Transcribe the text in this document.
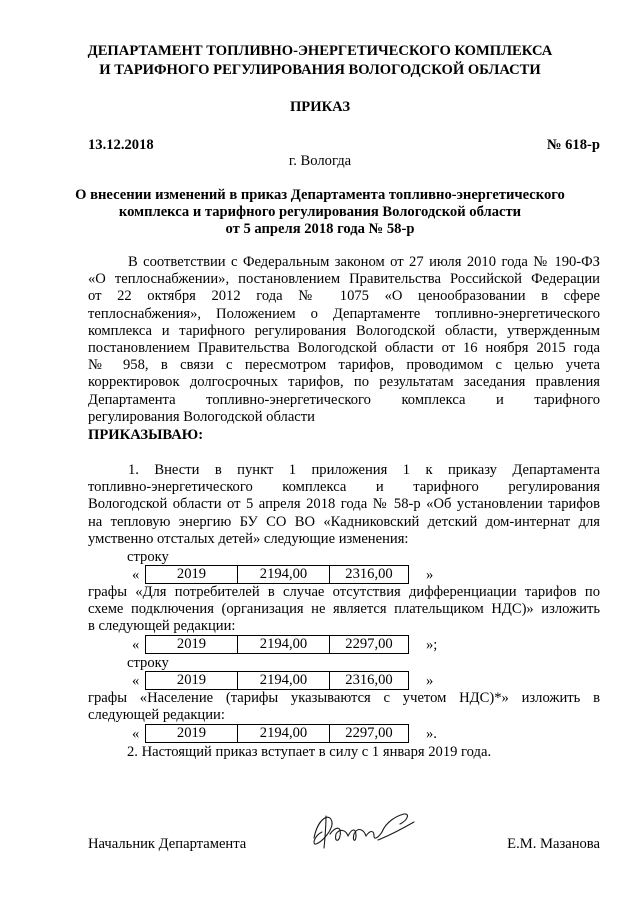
ДЕПАРТАМЕНТ ТОПЛИВНО-ЭНЕРГЕТИЧЕСКОГО КОМПЛЕКСА
И ТАРИФНОГО РЕГУЛИРОВАНИЯ ВОЛОГОДСКОЙ ОБЛАСТИ
ПРИКАЗ
13.12.2018	№ 618-р
г. Вологда
О внесении изменений в приказ Департамента топливно-энергетического
комплекса и тарифного регулирования Вологодской области
от 5 апреля 2018 года № 58-р
В соответствии с Федеральным законом от 27 июля 2010 года № 190-ФЗ
«О теплоснабжении», постановлением Правительства Российской Федерации
от 22 октября 2012 года № 1075 «О ценообразовании в сфере
теплоснабжения», Положением о Департаменте топливно-энергетического
комплекса и тарифного регулирования Вологодской области, утвержденным
постановлением Правительства Вологодской области от 16 ноября 2015 года
№ 958, в связи с пересмотром тарифов, проводимом с целью учета
корректировок долгосрочных тарифов, по результатам заседания правления
Департамента топливно-энергетического комплекса и тарифного
регулирования Вологодской области
ПРИКАЗЫВАЮ:
1. Внести в пункт 1 приложения 1 к приказу Департамента
топливно-энергетического комплекса и тарифного регулирования
Вологодской области от 5 апреля 2018 года № 58-р «Об установлении тарифов
на тепловую энергию БУ СО ВО «Кадниковский детский дом-интернат для
умственно отсталых детей» следующие изменения:
строку
«	2019	2194,00	2316,00 »
графы «Для потребителей в случае отсутствия дифференциации тарифов по
схеме подключения (организация не является плательщиком НДС)» изложить
в следующей редакции:
«	2019	2194,00	2297,00 »;
строку
«	2019	2194,00	2316,00 »
графы «Население (тарифы указываются с учетом НДС)*» изложить в
следующей редакции:
«	2019	2194,00	2297,00 ».
2. Настоящий приказ вступает в силу с 1 января 2019 года.
Начальник Департамента	Е.М. Мазанова
